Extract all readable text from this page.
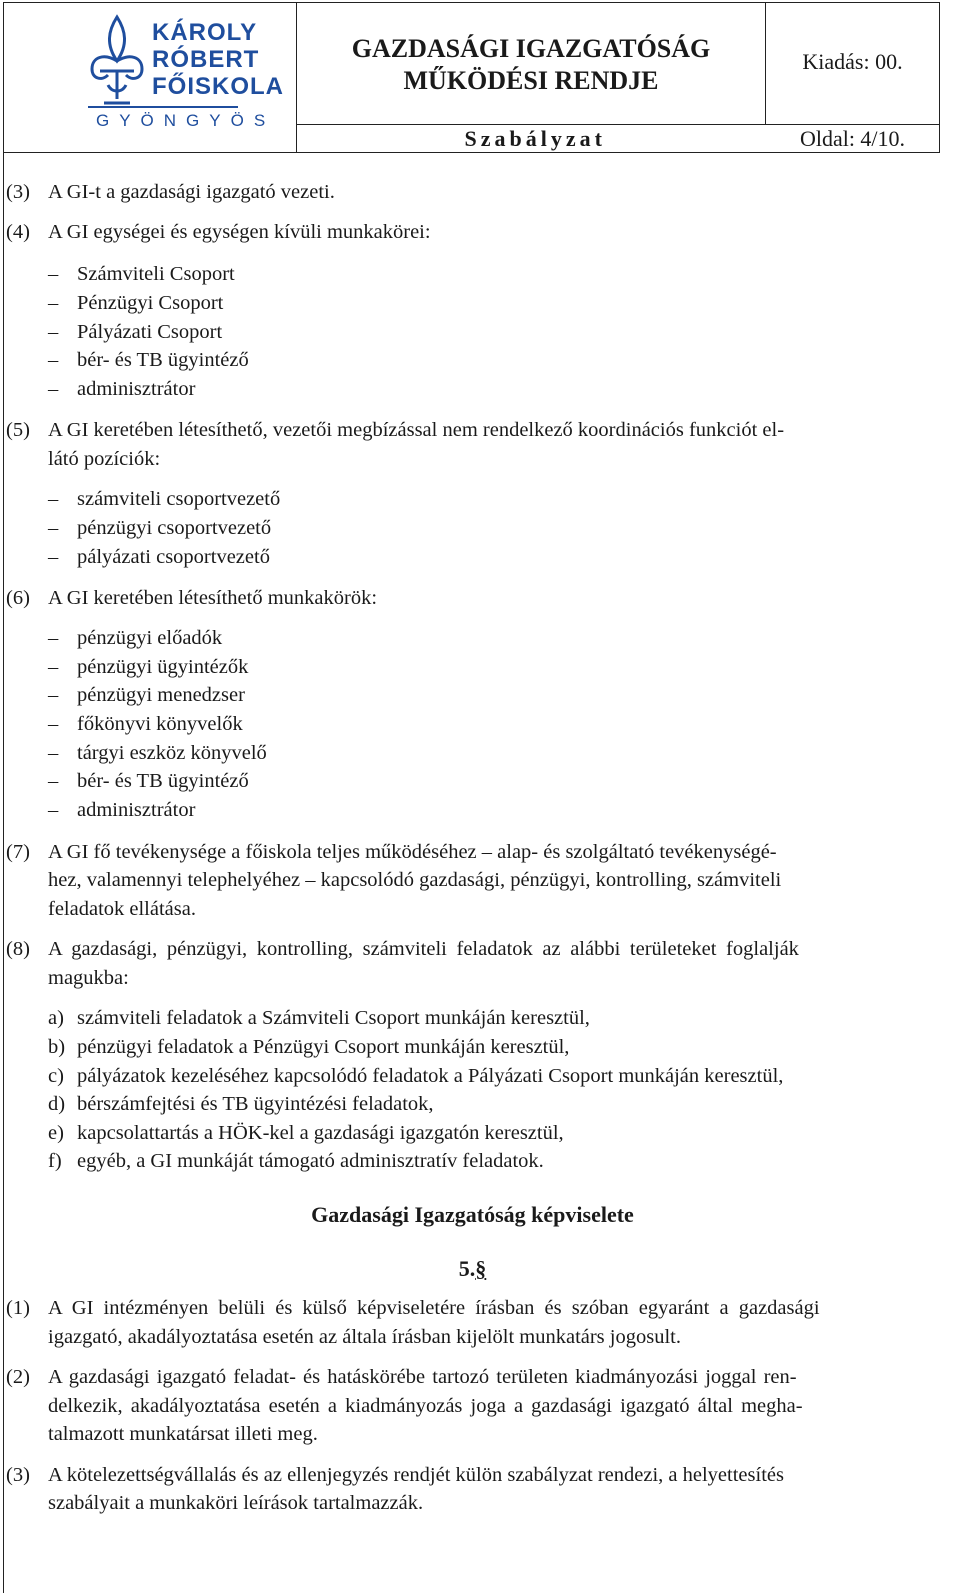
KÁROLY
RÓBERT
FŐISKOLA
GYÖNGYÖS
GAZDASÁGI IGAZGATÓSÁG
MŰKÖDÉSI RENDJE
Kiadás: 00.
Szabályzat	Oldal: 4/10.
(3) A GI-t a gazdasági igazgató vezeti.
(4) A GI egységei és egységen kívüli munkakörei:
– Számviteli Csoport
– Pénzügyi Csoport
– Pályázati Csoport
– bér- és TB ügyintéző
– adminisztrátor
(5) A GI keretében létesíthető, vezetői megbízással nem rendelkező koordinációs funkciót el-
látó pozíciók:
– számviteli csoportvezető
– pénzügyi csoportvezető
– pályázati csoportvezető
(6) A GI keretében létesíthető munkakörök:
– pénzügyi előadók
– pénzügyi ügyintézők
– pénzügyi menedzser
– főkönyvi könyvelők
– tárgyi eszköz könyvelő
– bér- és TB ügyintéző
– adminisztrátor
(7) A GI fő tevékenysége a főiskola teljes működéséhez – alap- és szolgáltató tevékenységé-
hez, valamennyi telephelyéhez – kapcsolódó gazdasági, pénzügyi, kontrolling, számviteli
feladatok ellátása.
(8) A gazdasági, pénzügyi, kontrolling, számviteli feladatok az alábbi területeket foglalják
magukba:
a) számviteli feladatok a Számviteli Csoport munkáján keresztül,
b) pénzügyi feladatok a Pénzügyi Csoport munkáján keresztül,
c) pályázatok kezeléséhez kapcsolódó feladatok a Pályázati Csoport munkáján keresztül,
d) bérszámfejtési és TB ügyintézési feladatok,
e) kapcsolattartás a HÖK-kel a gazdasági igazgatón keresztül,
f) egyéb, a GI munkáját támogató adminisztratív feladatok.
Gazdasági Igazgatóság képviselete
5.§
(1) A GI intézményen belüli és külső képviseletére írásban és szóban egyaránt a gazdasági
igazgató, akadályoztatása esetén az általa írásban kijelölt munkatárs jogosult.
(2) A gazdasági igazgató feladat- és hatáskörébe tartozó területen kiadmányozási joggal ren-
delkezik, akadályoztatása esetén a kiadmányozás joga a gazdasági igazgató által megha-
talmazott munkatársat illeti meg.
(3) A kötelezettségvállalás és az ellenjegyzés rendjét külön szabályzat rendezi, a helyettesítés
szabályait a munkaköri leírások tartalmazzák.
